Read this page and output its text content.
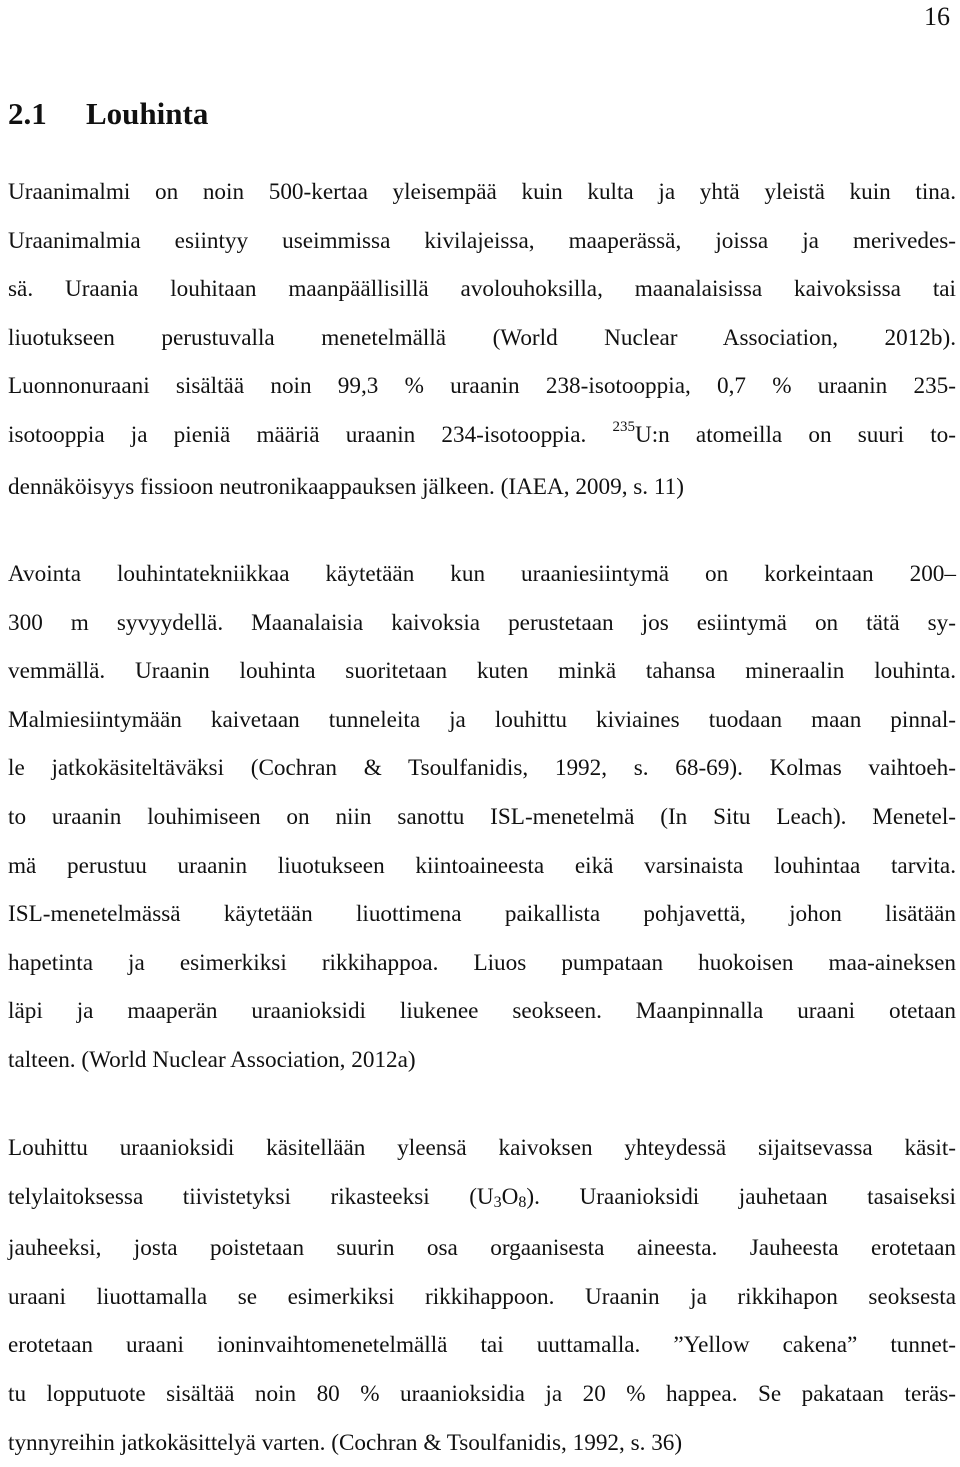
16
2.1 Louhinta

Uraanimalmi on noin 500-kertaa yleisempää kuin kulta ja yhtä yleistä kuin tina.
Uraanimalmia esiintyy useimmissa kivilajeissa, maaperässä, joissa ja merivedes-
sä. Uraania louhitaan maanpäällisillä avolouhoksilla, maanalaisissa kaivoksissa tai
liuotukseen perustuvalla menetelmällä (World Nuclear Association, 2012b).
Luonnonuraani sisältää noin 99,3 % uraanin 238-isotooppia, 0,7 % uraanin 235-
isotooppia ja pieniä määriä uraanin 234-isotooppia. $^{235}$U:n atomeilla on suuri to-
dennäköisyys fissioon neutronikaappauksen jälkeen. (IAEA, 2009, s. 11)

Avointa louhintatekniikkaa käytetään kun uraaniesiintymä on korkeintaan 200–
300 m syvyydellä. Maanalaisia kaivoksia perustetaan jos esiintymä on tätä sy-
vemmällä. Uraanin louhinta suoritetaan kuten minkä tahansa mineraalin louhinta.
Malmiesiintymään kaivetaan tunneleita ja louhittu kiviaines tuodaan maan pinnal-
le jatkokäsiteltäväksi (Cochran & Tsoulfanidis, 1992, s. 68-69). Kolmas vaihtoeh-
to uraanin louhimiseen on niin sanottu ISL-menetelmä (In Situ Leach). Menetel-
mä perustuu uraanin liuotukseen kiintoaineesta eikä varsinaista louhintaa tarvita.
ISL-menetelmässä käytetään liuottimena paikallista pohjavettä, johon lisätään
hapetinta ja esimerkiksi rikkihappoa. Liuos pumpataan huokoisen maa-aineksen
läpi ja maaperän uraanioksidi liukenee seokseen. Maanpinnalla uraani otetaan
talteen. (World Nuclear Association, 2012a)

Louhittu uraanioksidi käsitellään yleensä kaivoksen yhteydessä sijaitsevassa käsit-
telylaitoksessa tiivistetyksi rikasteeksi $(U_3O_8)$. Uraanioksidi jauhetaan tasaiseksi
jauheeksi, josta poistetaan suurin osa orgaanisesta aineesta. Jauheesta erotetaan
uraani liuottamalla se esimerkiksi rikkihappoon. Uraanin ja rikkihapon seoksesta
erotetaan uraani ioninvaihtomenetelmällä tai uuttamalla. ”Yellow cakena” tunnet-
tu lopputuote sisältää noin 80 % uraanioksidia ja 20 % happea. Se pakataan teräs-
tynnyreihin jatkokäsittelyä varten. (Cochran & Tsoulfanidis, 1992, s. 36)
